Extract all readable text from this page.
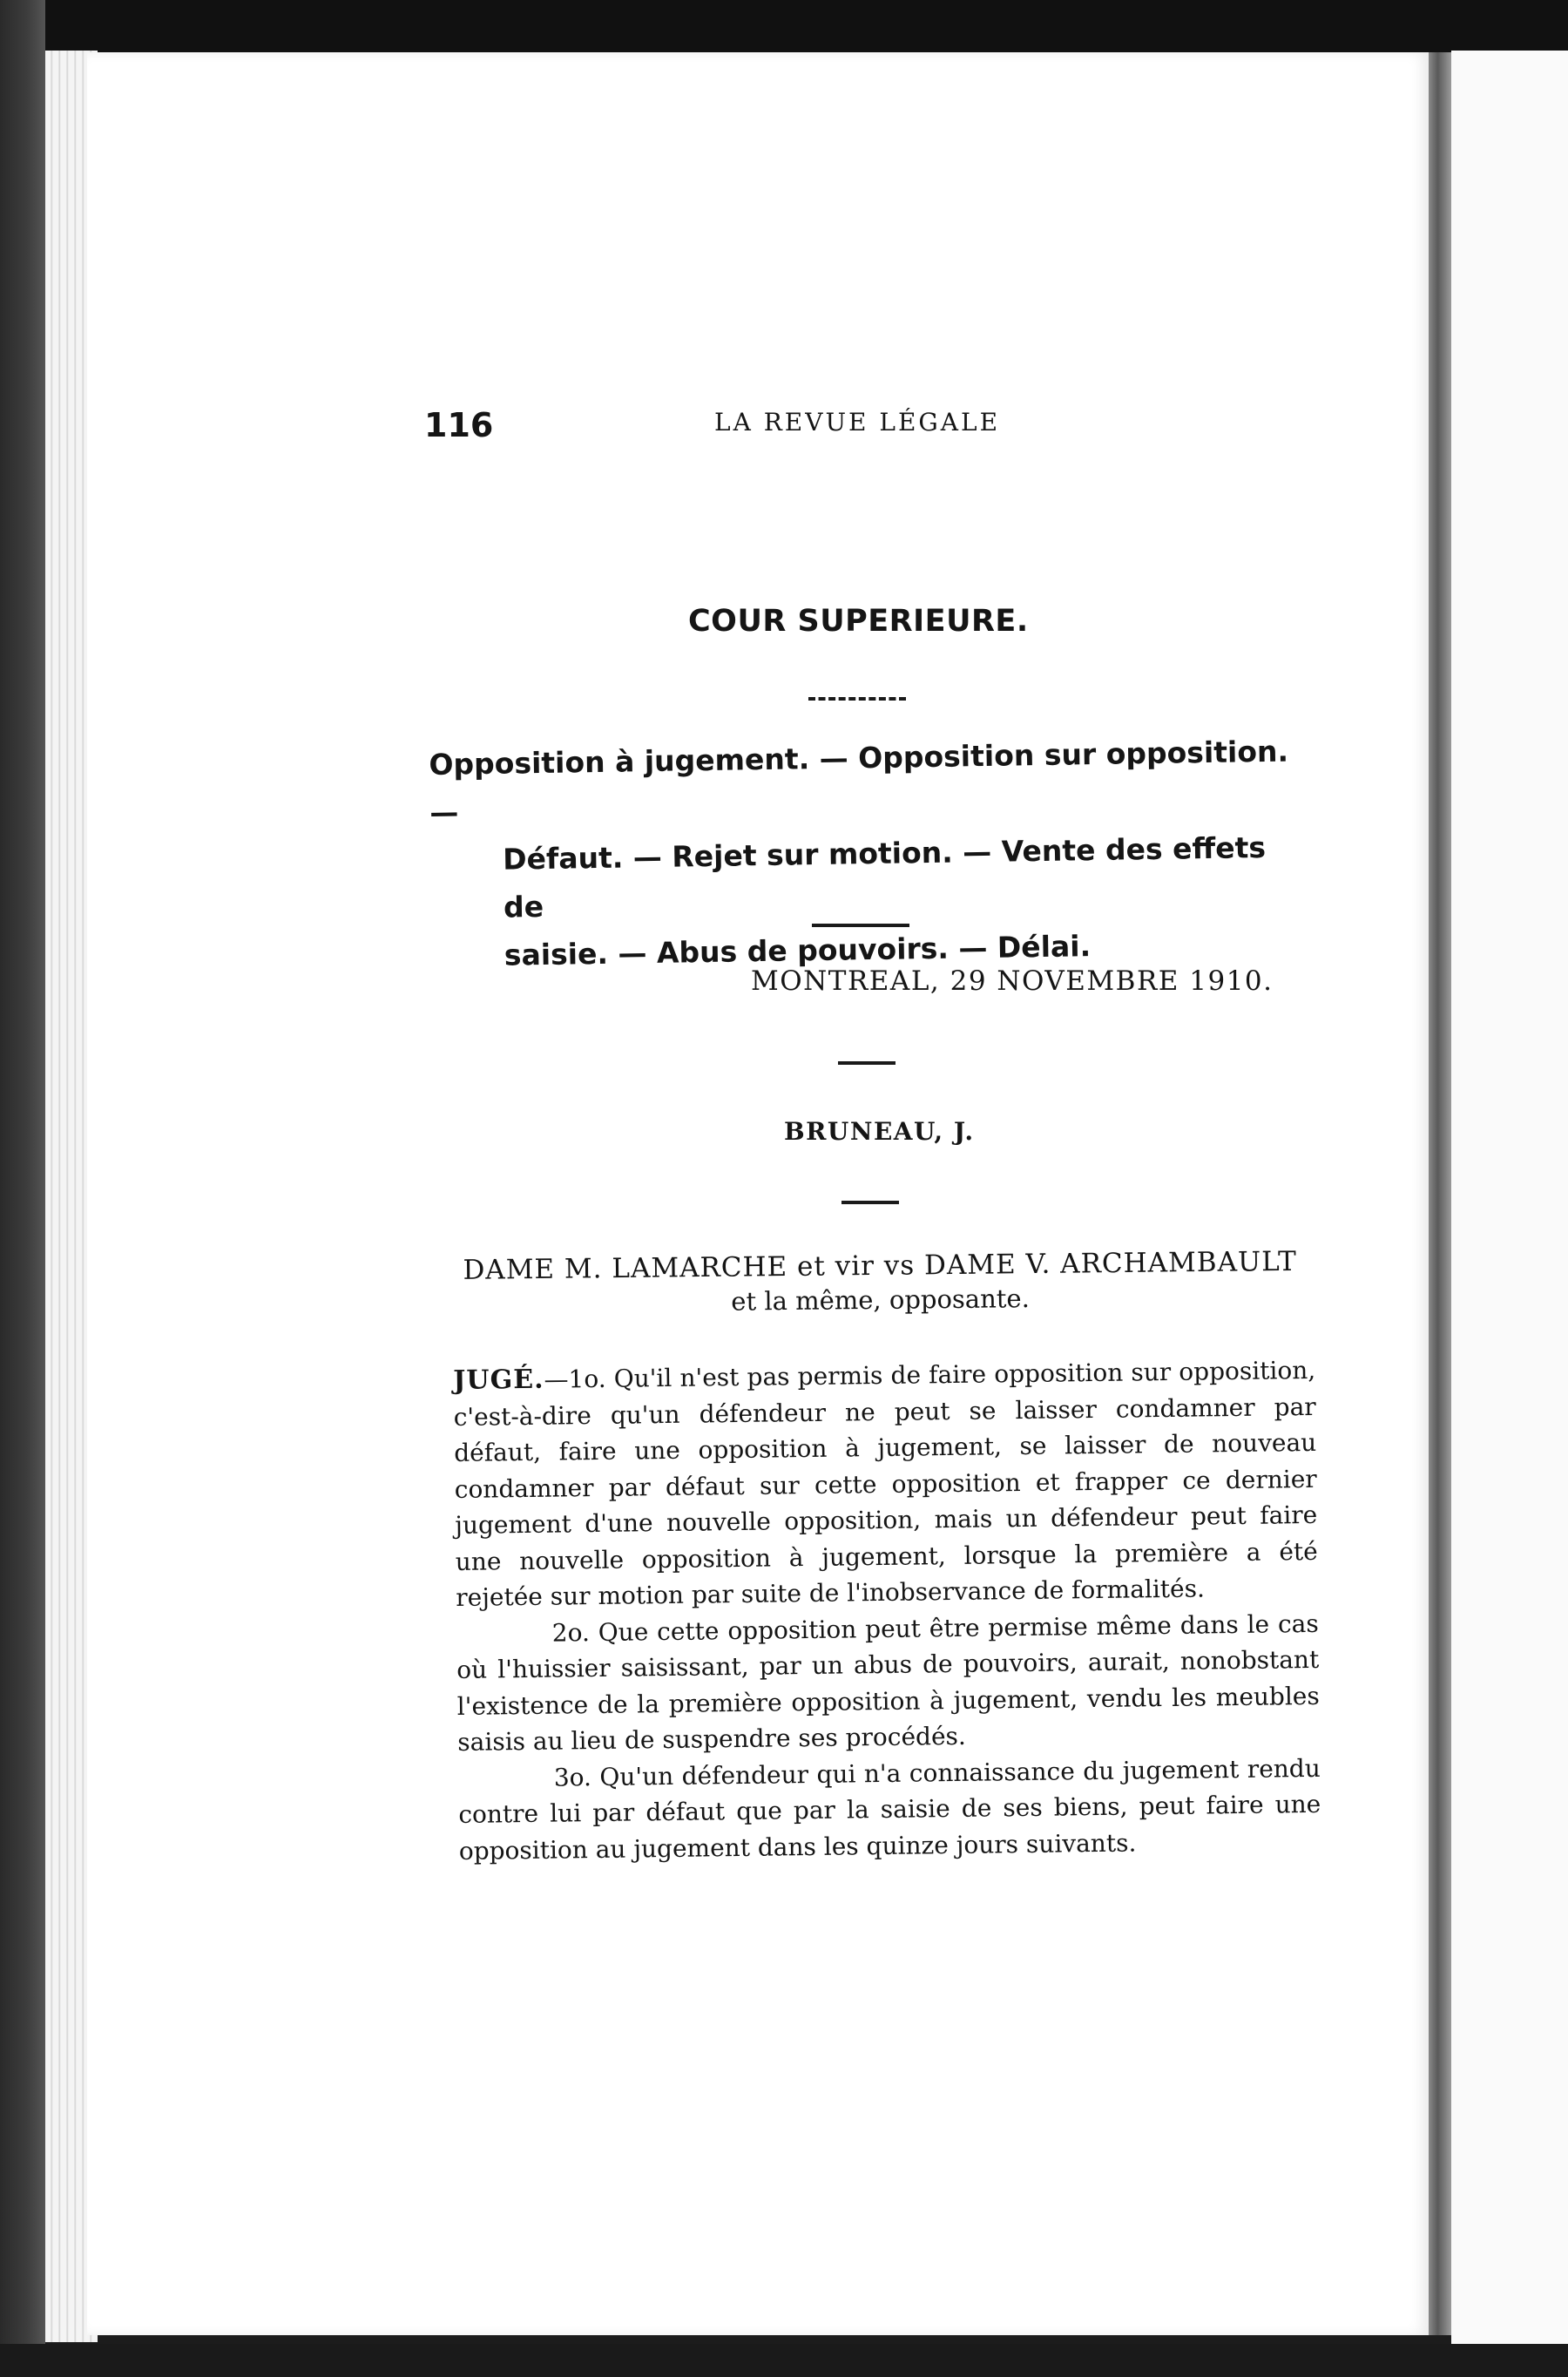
116	LA REVUE LÉGALE

COUR SUPERIEURE.

Opposition à jugement. — Opposition sur opposition. —
Défaut. — Rejet sur motion. — Vente des effets de
saisie. — Abus de pouvoirs. — Délai.

MONTREAL, 29 NOVEMBRE 1910.

BRUNEAU, J.

DAME M. LAMARCHE et vir vs DAME V. ARCHAMBAULT
et la même, opposante.

JUGÉ.—1o. Qu'il n'est pas permis de faire opposition sur opposition, c'est-à-dire qu'un défendeur ne peut se laisser condamner par défaut, faire une opposition à jugement, se laisser de nouveau condamner par défaut sur cette opposition et frapper ce dernier jugement d'une nouvelle opposition, mais un défendeur peut faire une nouvelle opposition à jugement, lorsque la première a été rejetée sur motion par suite de l'inobservance de formalités.

2o. Que cette opposition peut être permise même dans le cas où l'huissier saisissant, par un abus de pouvoirs, aurait, nonobstant l'existence de la première opposition à jugement, vendu les meubles saisis au lieu de suspendre ses procédés.

3o. Qu'un défendeur qui n'a connaissance du jugement rendu contre lui par défaut que par la saisie de ses biens, peut faire une opposition au jugement dans les quinze jours suivants.
